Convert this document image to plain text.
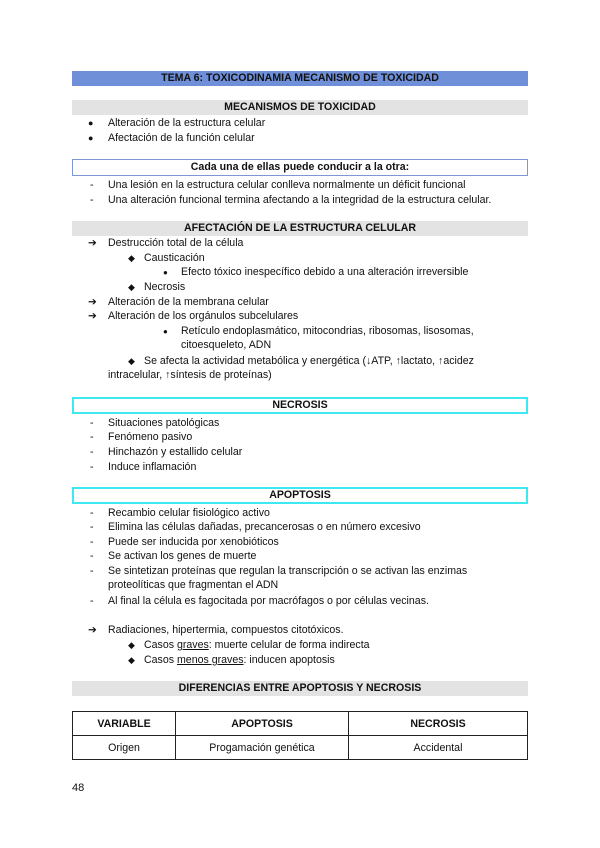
TEMA 6: TOXICODINAMIA MECANISMO DE TOXICIDAD
MECANISMOS DE TOXICIDAD
● Alteración de la estructura celular
● Afectación de la función celular
Cada una de ellas puede conducir a la otra:
- Una lesión en la estructura celular conlleva normalmente un déficit funcional
- Una alteración funcional termina afectando a la integridad de la estructura celular.
AFECTACIÓN DE LA ESTRUCTURA CELULAR
➔ Destrucción total de la célula
◆ Causticación
● Efecto tóxico inespecífico debido a una alteración irreversible
◆ Necrosis
➔ Alteración de la membrana celular
➔ Alteración de los orgánulos subcelulares
● Retículo endoplasmático, mitocondrias, ribosomas, lisosomas,
citoesqueleto, ADN
◆ Se afecta la actividad metabólica y energética (↓ATP, ↑lactato, ↑acidez
intracelular, ↑síntesis de proteínas)
NECROSIS
- Situaciones patológicas
- Fenómeno pasivo
- Hinchazón y estallido celular
- Induce inflamación
APOPTOSIS
- Recambio celular fisiológico activo
- Elimina las células dañadas, precancerosas o en número excesivo
- Puede ser inducida por xenobióticos
- Se activan los genes de muerte
- Se sintetizan proteínas que regulan la transcripción o se activan las enzimas
proteolíticas que fragmentan el ADN
- Al final la célula es fagocitada por macrófagos o por células vecinas.
➔ Radiaciones, hipertermia, compuestos citotóxicos.
◆ Casos graves: muerte celular de forma indirecta
◆ Casos menos graves: inducen apoptosis
DIFERENCIAS ENTRE APOPTOSIS Y NECROSIS
VARIABLE	APOPTOSIS	NECROSIS
Origen	Progamación genética	Accidental
48
